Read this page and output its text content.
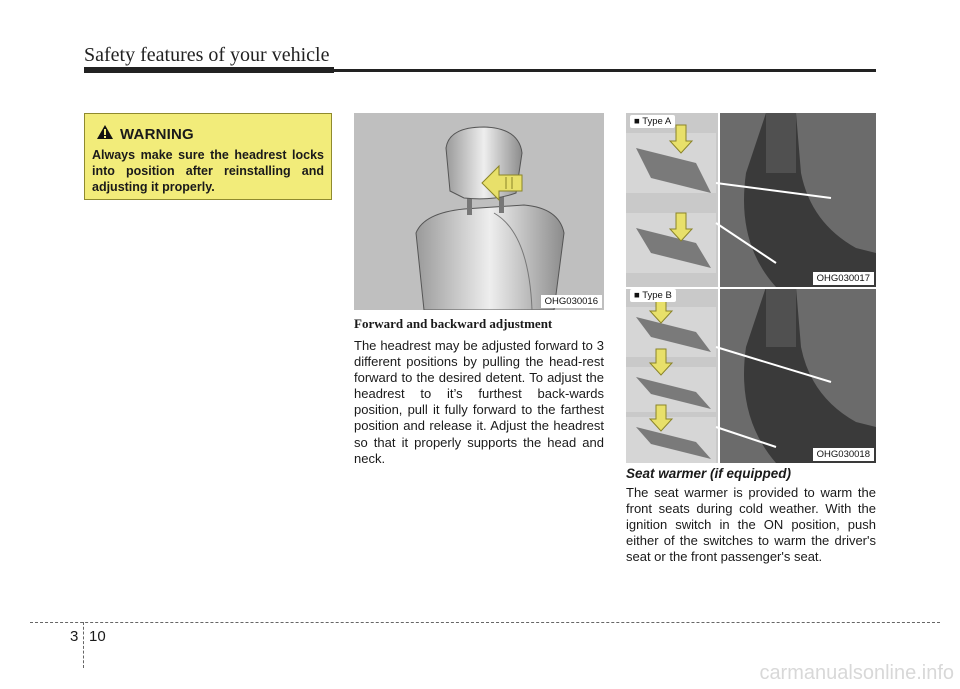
Safety features of your vehicle
WARNING
Always make sure the headrest locks into position after reinstalling and adjusting it properly.
OHG030016
■ Type A
OHG030017
■ Type B
OHG030018
Forward and backward adjustment
The headrest may be adjusted forward to 3 different positions by pulling the head-rest forward to the desired detent. To adjust the headrest to it’s furthest back-wards position, pull it fully forward to the farthest position and release it. Adjust the headrest so that it properly supports the head and neck.
Seat warmer (if equipped)
The seat warmer is provided to warm the front seats during cold weather. With the ignition switch in the ON position, push either of the switches to warm the driver's seat or the front passenger's seat.
3 10
carmanualsonline.info
